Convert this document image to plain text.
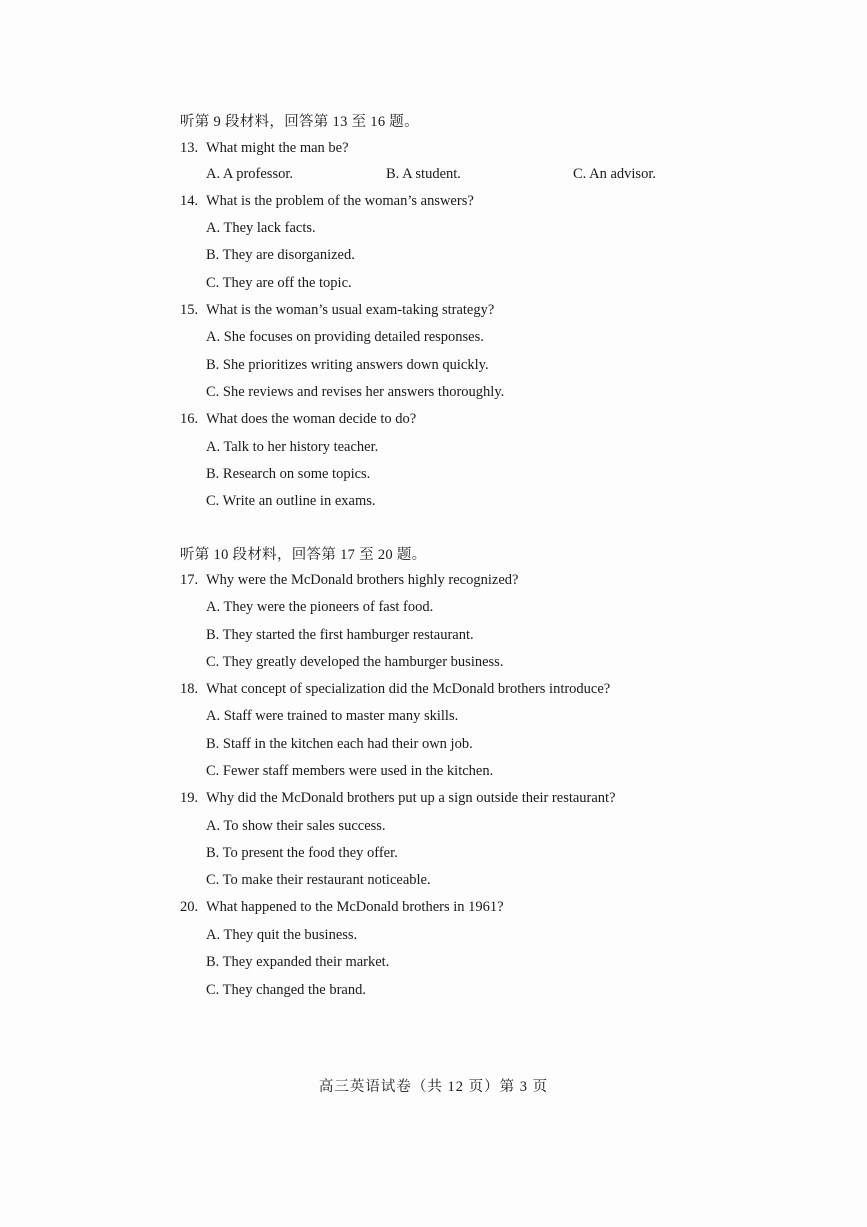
听第 9 段材料，回答第 13 至 16 题。
13. What might the man be?
A. A professor.	B. A student.	C. An advisor.
14. What is the problem of the woman’s answers?
A. They lack facts.
B. They are disorganized.
C. They are off the topic.
15. What is the woman’s usual exam-taking strategy?
A. She focuses on providing detailed responses.
B. She prioritizes writing answers down quickly.
C. She reviews and revises her answers thoroughly.
16. What does the woman decide to do?
A. Talk to her history teacher.
B. Research on some topics.
C. Write an outline in exams.
听第 10 段材料，回答第 17 至 20 题。
17. Why were the McDonald brothers highly recognized?
A. They were the pioneers of fast food.
B. They started the first hamburger restaurant.
C. They greatly developed the hamburger business.
18. What concept of specialization did the McDonald brothers introduce?
A. Staff were trained to master many skills.
B. Staff in the kitchen each had their own job.
C. Fewer staff members were used in the kitchen.
19. Why did the McDonald brothers put up a sign outside their restaurant?
A. To show their sales success.
B. To present the food they offer.
C. To make their restaurant noticeable.
20. What happened to the McDonald brothers in 1961?
A. They quit the business.
B. They expanded their market.
C. They changed the brand.
高三英语试卷（共 12 页）第 3 页
